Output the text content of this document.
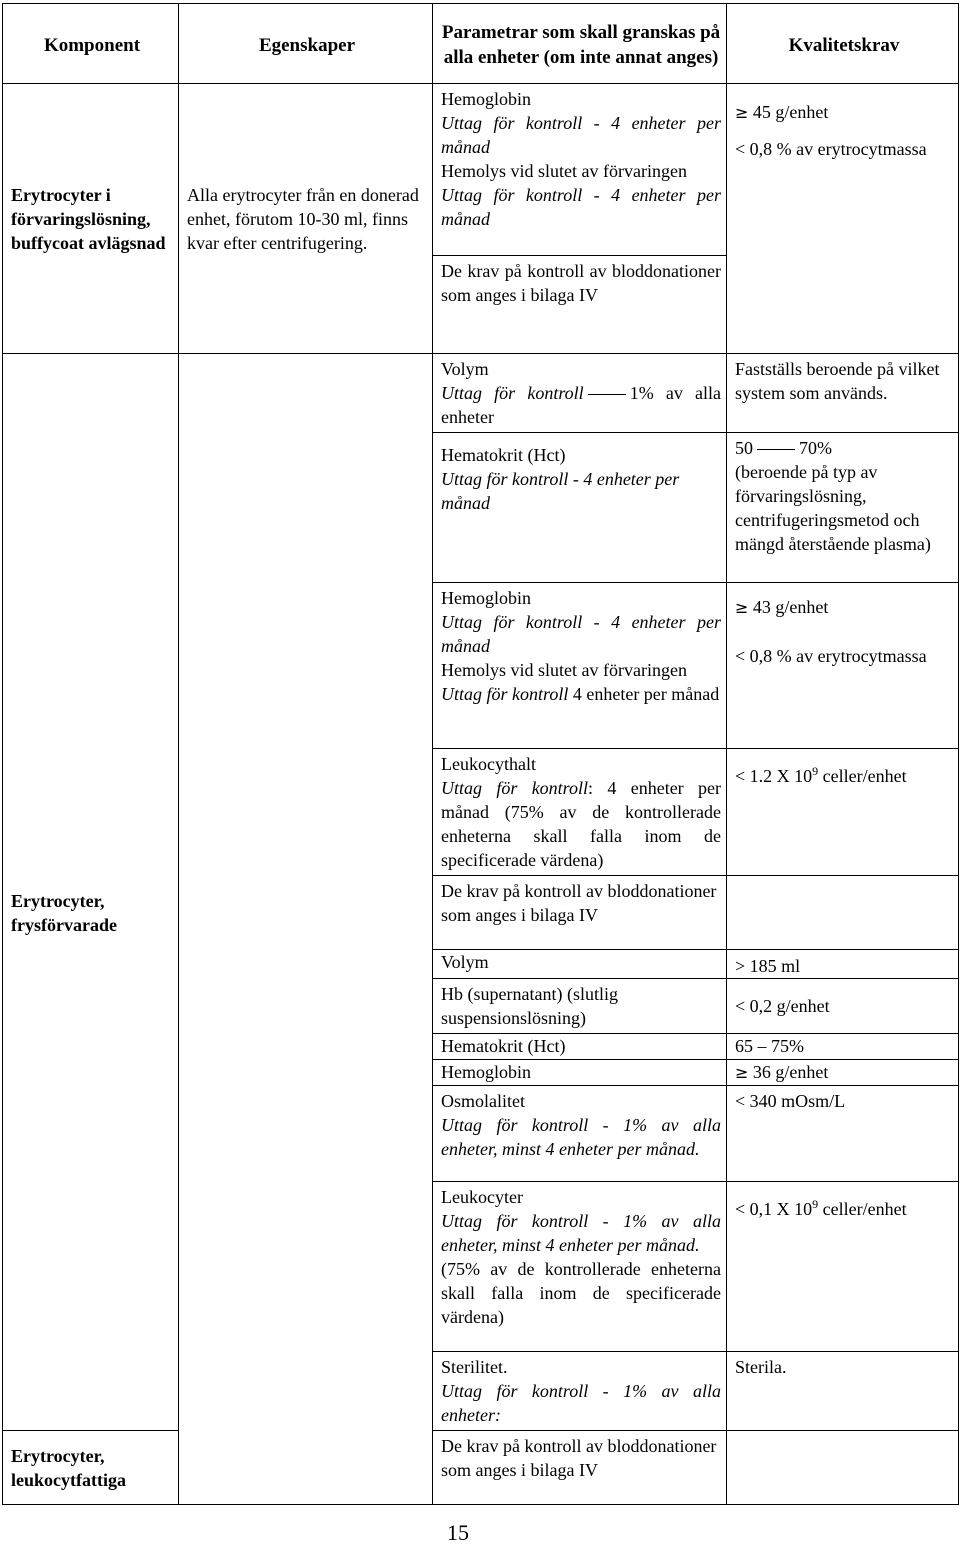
Komponent	Egenskaper	Parametrar som skall granskas på alla enheter (om inte annat anges)	Kvalitetskrav
Erytrocyter i förvaringslösning, buffycoat avlägsnad	Alla erytrocyter från en donerad enhet, förutom 10-30 ml, finns kvar efter centrifugering.	Hemoglobin
Uttag för kontroll - 4 enheter per månad
Hemolys vid slutet av förvaringen
Uttag för kontroll - 4 enheter per månad	≥ 45 g/enhet
< 0,8 % av erytrocytmassa

		De krav på kontroll av bloddonationer som anges i bilaga IV	

		Volym
Uttag för kontroll 1% av alla enheter	Fastställs beroende på vilket system som används.

		Hematokrit (Hct)
Uttag för kontroll - 4 enheter per månad	50 70%
(beroende på typ av förvaringslösning, centrifugeringsmetod och mängd återstående plasma)

		Hemoglobin
Uttag för kontroll - 4 enheter per månad
Hemolys vid slutet av förvaringen
Uttag för kontroll 4 enheter per månad	≥ 43 g/enhet
< 0,8 % av erytrocytmassa

		Leukocythalt
Uttag för kontroll: 4 enheter per månad (75% av de kontrollerade enheterna skall falla inom de specificerade värdena)	< 1.2 X $10^9$ celler/enhet

Erytrocyter, frysförvarade		De krav på kontroll av bloddonationer som anges i bilaga IV	
		Volym	> 185 ml
		Hb (supernatant) (slutlig suspensionslösning)	< 0,2 g/enhet
		Hematokrit (Hct)	65 – 75%
		Hemoglobin	≥ 36 g/enhet

		Osmolalitet
Uttag för kontroll - 1% av alla enheter, minst 4 enheter per månad.	< 340 mOsm/L

		Leukocyter
Uttag för kontroll - 1% av alla enheter, minst 4 enheter per månad.
(75% av de kontrollerade enheterna skall falla inom de specificerade värdena)	< 0,1 X $10^9$ celler/enhet

		Sterilitet.
Uttag för kontroll - 1% av alla enheter:	Sterila.
Erytrocyter, leukocytfattiga		De krav på kontroll av bloddonationer som anges i bilaga IV	
15
